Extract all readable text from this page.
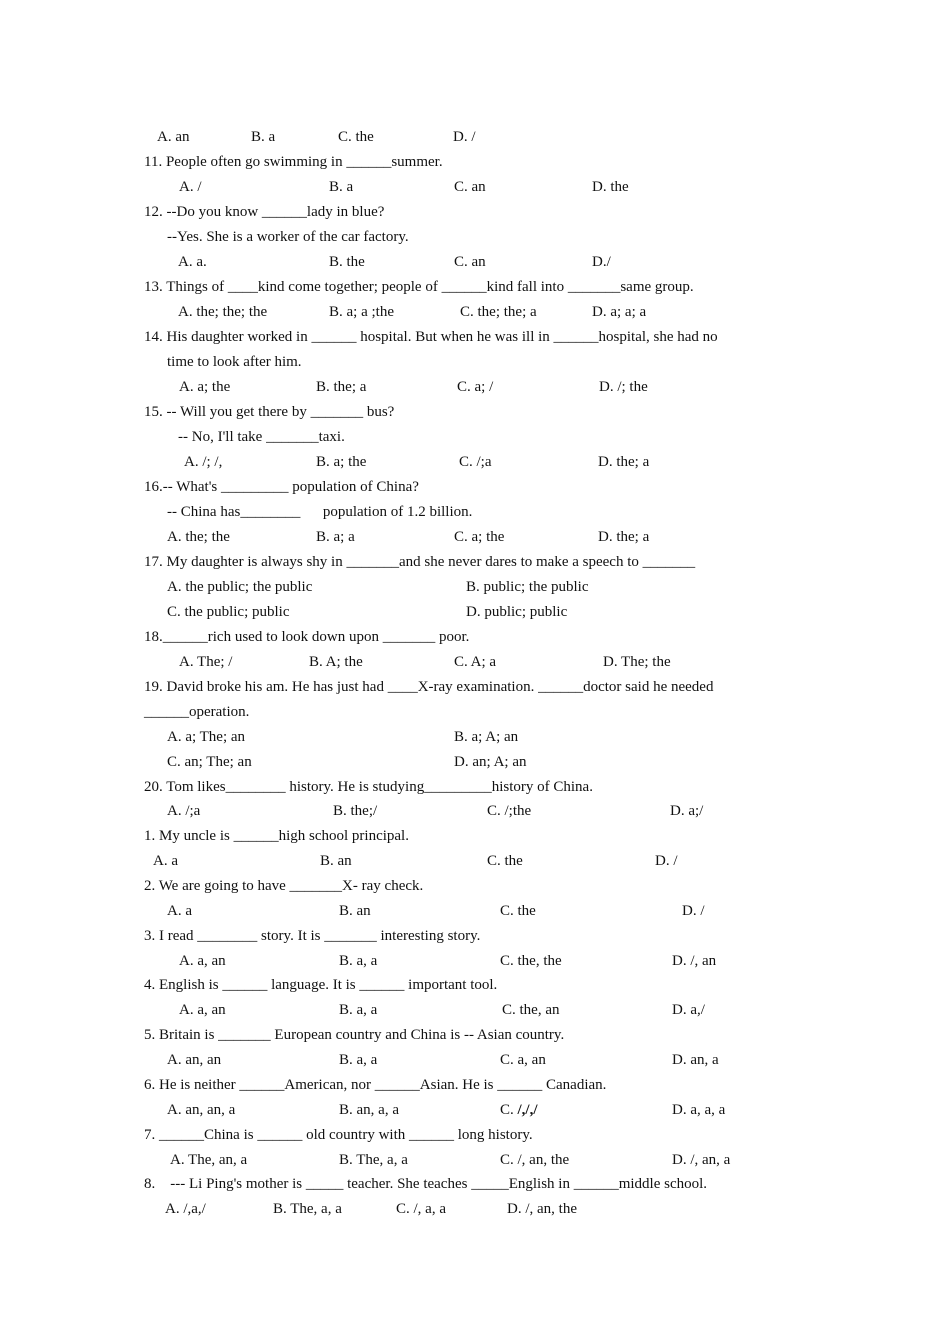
A. an	B. a	C. the	D. /
11. People often go swimming in ______summer.
A. /	B. a	C. an	D. the
12. --Do you know ______lady in blue?
--Yes. She is a worker of the car factory.
A. a.	B. the	C. an	D./
13. Things of ____kind come together; people of ______kind fall into _______same group.
A. the; the; the	B. a; a ;the	C. the; the; a	D. a; a; a
14. His daughter worked in ______ hospital. But when he was ill in ______hospital, she had no
time to look after him.
A. a; the	B. the; a	C. a; /	D. /; the
15. -- Will you get there by _______ bus?
-- No, I'll take _______taxi.
A. /; /,	B. a; the	C. /;a	D. the; a
16.-- What's _________ population of China?
-- China has________      population of 1.2 billion.
A. the; the	B. a; a	C. a; the	D. the; a
17. My daughter is always shy in _______and she never dares to make a speech to _______
A. the public; the public	B. public; the public
C. the public; public	D. public; public
18.______rich used to look down upon _______ poor.
A. The; /	B. A; the	C. A; a	D. The; the
19. David broke his am. He has just had ____X-ray examination. ______doctor said he needed
______operation.
A. a; The; an	B. a; A; an
C. an; The; an	D. an; A; an
20. Tom likes________ history. He is studying_________history of China.
A. /;a	B. the;/	C. /;the	D. a;/
1. My uncle is ______high school principal.
A. a	B. an	C. the	D. /
2. We are going to have _______X- ray check.
A. a	B. an	C. the	D. /
3. I read ________ story. It is _______ interesting story.
A. a, an	B. a, a	C. the, the	D. /, an
4. English is ______ language. It is ______ important tool.
A. a, an	B. a, a	C. the, an	D. a,/
5. Britain is _______ European country and China is -- Asian country.
A. an, an	B. a, a	C. a, an	D. an, a
6. He is neither ______American, nor ______Asian. He is ______ Canadian.
A. an, an, a	B. an, a, a	C. /,/,/	D. a, a, a
7. ______China is ______ old country with ______ long history.
A. The, an, a	B. The, a, a	C. /, an, the	D. /, an, a
8.    --- Li Ping's mother is _____ teacher. She teaches _____English in ______middle school.
A. /,a,/	B. The, a, a	C. /, a, a	D. /, an, the
